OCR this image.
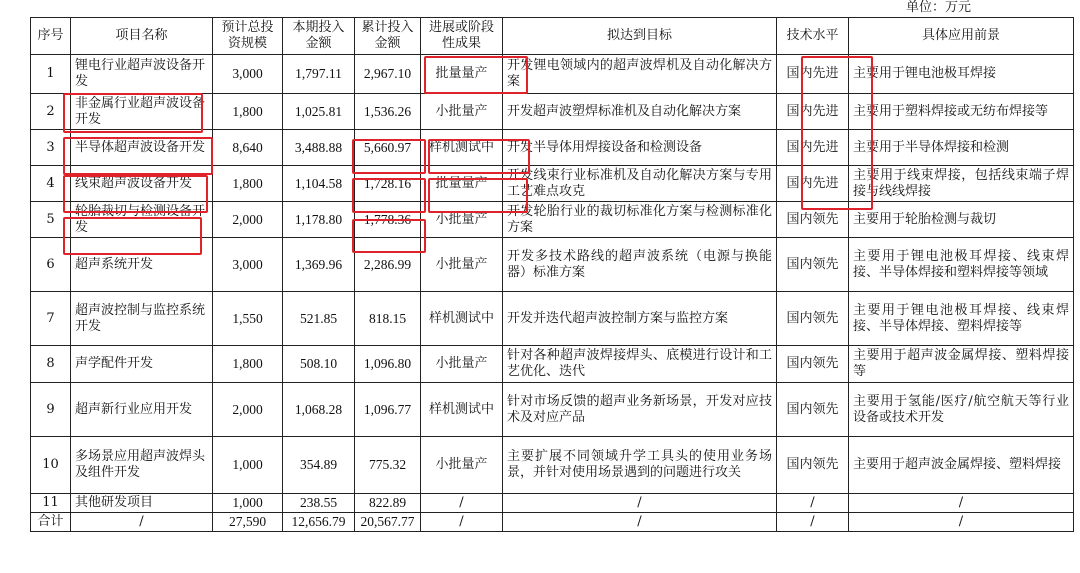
单位：万元
序号	项目名称	预计总投资规模	本期投入金额	累计投入金额	进展或阶段性成果	拟达到目标	技术水平	具体应用前景
1	锂电行业超声波设备开发	3,000	1,797.11	2,967.10	批量量产	开发锂电领域内的超声波焊机及自动化解决方案	国内先进	主要用于锂电池极耳焊接
2	非金属行业超声波设备开发	1,800	1,025.81	1,536.26	小批量产	开发超声波塑焊标准机及自动化解决方案	国内先进	主要用于塑料焊接或无纺布焊接等
3	半导体超声波设备开发	8,640	3,488.88	5,660.97	样机测试中	开发半导体用焊接设备和检测设备	国内先进	主要用于半导体焊接和检测
4	线束超声波设备开发	1,800	1,104.58	1,728.16	批量量产	开发线束行业标准机及自动化解决方案与专用工艺难点攻克	国内先进	主要用于线束焊接，包括线束端子焊接与线线焊接
5	轮胎裁切与检测设备开发	2,000	1,178.80	1,778.36	小批量产	开发轮胎行业的裁切标准化方案与检测标准化方案	国内领先	主要用于轮胎检测与裁切
6	超声系统开发	3,000	1,369.96	2,286.99	小批量产	开发多技术路线的超声波系统（电源与换能器）标准方案	国内领先	主要用于锂电池极耳焊接、线束焊接、半导体焊接和塑料焊接等领域
7	超声波控制与监控系统开发	1,550	521.85	818.15	样机测试中	开发并迭代超声波控制方案与监控方案	国内领先	主要用于锂电池极耳焊接、线束焊接、半导体焊接、塑料焊接等
8	声学配件开发	1,800	508.10	1,096.80	小批量产	针对各种超声波焊接焊头、底模进行设计和工艺优化、迭代	国内领先	主要用于超声波金属焊接、塑料焊接等
9	超声新行业应用开发	2,000	1,068.28	1,096.77	样机测试中	针对市场反馈的超声业务新场景，开发对应技术及对应产品	国内领先	主要用于氢能/医疗/航空航天等行业设备或技术开发
10	多场景应用超声波焊头及组件开发	1,000	354.89	775.32	小批量产	主要扩展不同领域升学工具头的使用业务场景，并针对使用场景遇到的问题进行攻关	国内领先	主要用于超声波金属焊接、塑料焊接
11	其他研发项目	1,000	238.55	822.89	/	/	/	/
合计	/	27,590	12,656.79	20,567.77	/	/	/	/
